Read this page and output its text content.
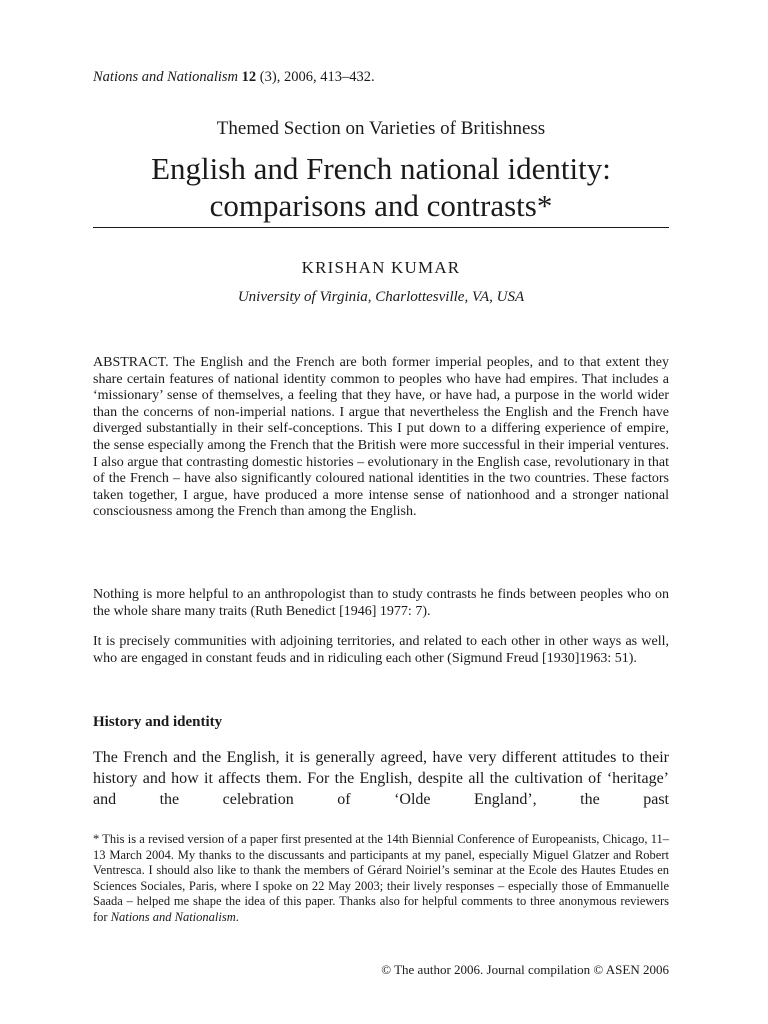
Nations and Nationalism 12 (3), 2006, 413–432.
Themed Section on Varieties of Britishness
English and French national identity:
comparisons and contrasts*
KRISHAN KUMAR
University of Virginia, Charlottesville, VA, USA

ABSTRACT. The English and the French are both former imperial peoples, and to that extent they share certain features of national identity common to peoples who have had empires. That includes a ‘missionary’ sense of themselves, a feeling that they have, or have had, a purpose in the world wider than the concerns of non-imperial nations. I argue that nevertheless the English and the French have diverged substantially in their self-conceptions. This I put down to a differing experience of empire, the sense especially among the French that the British were more successful in their imperial ventures. I also argue that contrasting domestic histories – evolutionary in the English case, revolutionary in that of the French – have also significantly coloured national identities in the two countries. These factors taken together, I argue, have produced a more intense sense of nationhood and a stronger national consciousness among the French than among the English.

Nothing is more helpful to an anthropologist than to study contrasts he finds between peoples who on the whole share many traits (Ruth Benedict [1946] 1977: 7).

It is precisely communities with adjoining territories, and related to each other in other ways as well, who are engaged in constant feuds and in ridiculing each other (Sigmund Freud [1930]1963: 51).

History and identity

The French and the English, it is generally agreed, have very different attitudes to their history and how it affects them. For the English, despite all the cultivation of ‘heritage’ and the celebration of ‘Olde England’, the past

* This is a revised version of a paper first presented at the 14th Biennial Conference of Europeanists, Chicago, 11–13 March 2004. My thanks to the discussants and participants at my panel, especially Miguel Glatzer and Robert Ventresca. I should also like to thank the members of Gérard Noiriel’s seminar at the Ecole des Hautes Etudes en Sciences Sociales, Paris, where I spoke on 22 May 2003; their lively responses – especially those of Emmanuelle Saada – helped me shape the idea of this paper. Thanks also for helpful comments to three anonymous reviewers for Nations and Nationalism.

© The author 2006. Journal compilation © ASEN 2006
